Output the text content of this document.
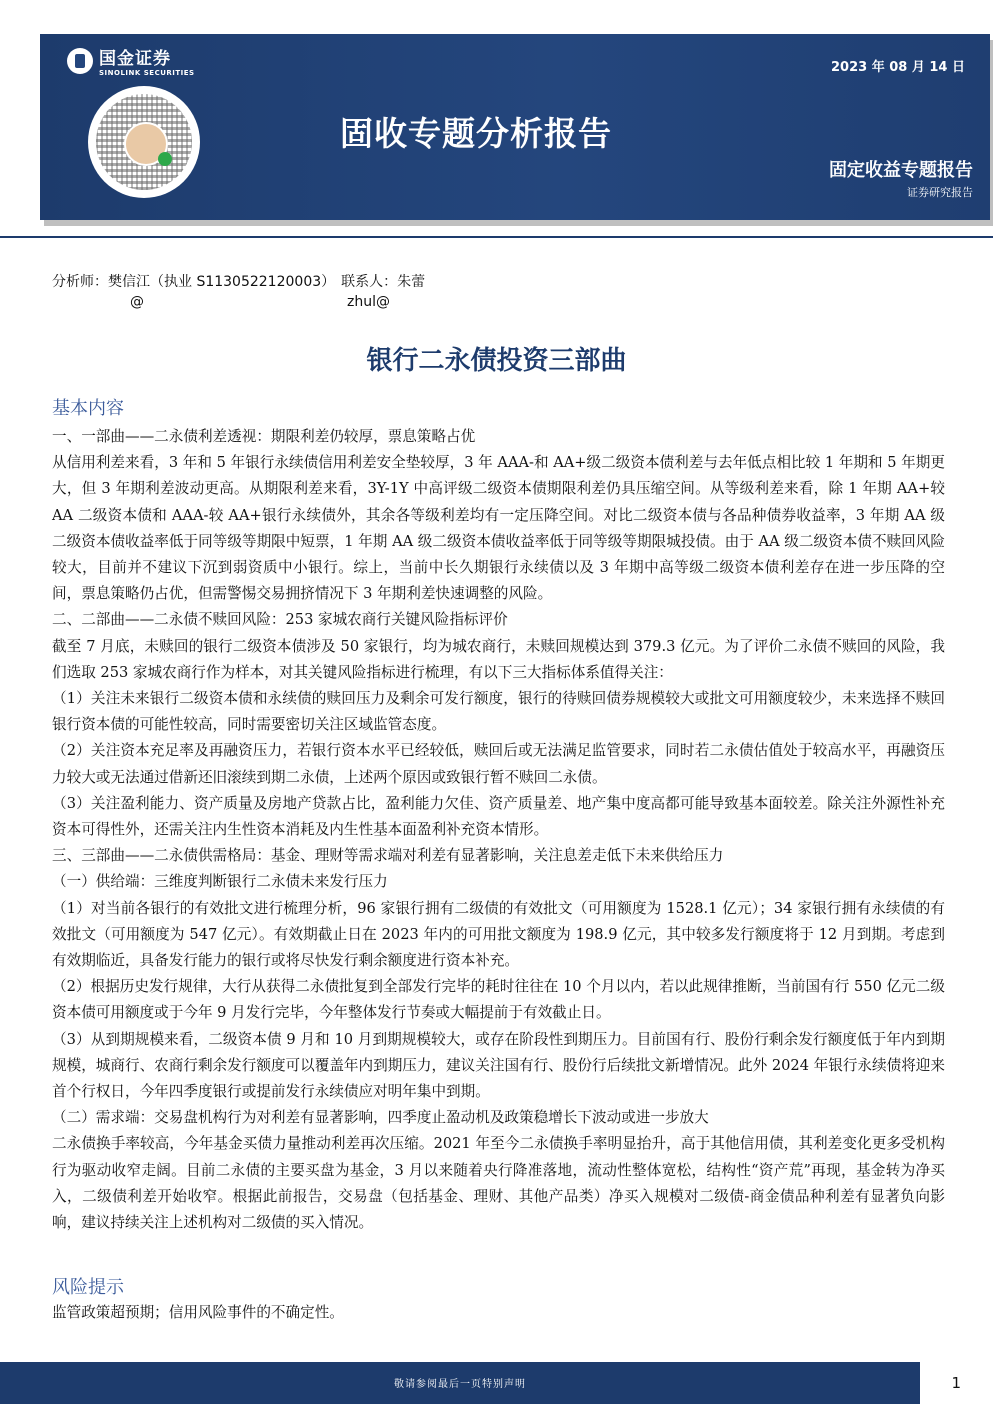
国金证券
SINOLINK SECURITIES	2023 年 08 月 14 日
固收专题分析报告
固定收益专题报告
证券研究报告
分析师：樊信江（执业 S1130522120003） 联系人：朱蕾
@	zhul@
银行二永债投资三部曲
基本内容

一、一部曲——二永债利差透视：期限利差仍较厚，票息策略占优

从信用利差来看，3 年和 5 年银行永续债信用利差安全垫较厚，3 年 AAA-和 AA+级二级资本债利差与去年低点相比较 1 年期和 5 年期更大，但 3 年期利差波动更高。从期限利差来看，3Y-1Y 中高评级二级资本债期限利差仍具压缩空间。从等级利差来看，除 1 年期 AA+较 AA 二级资本债和 AAA-较 AA+银行永续债外，其余各等级利差均有一定压降空间。对比二级资本债与各品种债券收益率，3 年期 AA 级二级资本债收益率低于同等级等期限中短票，1 年期 AA 级二级资本债收益率低于同等级等期限城投债。由于 AA 级二级资本债不赎回风险较大，目前并不建议下沉到弱资质中小银行。综上，当前中长久期银行永续债以及 3 年期中高等级二级资本债利差存在进一步压降的空间，票息策略仍占优，但需警惕交易拥挤情况下 3 年期利差快速调整的风险。

二、二部曲——二永债不赎回风险：253 家城农商行关键风险指标评价

截至 7 月底，未赎回的银行二级资本债涉及 50 家银行，均为城农商行，未赎回规模达到 379.3 亿元。为了评价二永债不赎回的风险，我们选取 253 家城农商行作为样本，对其关键风险指标进行梳理，有以下三大指标体系值得关注：

（1）关注未来银行二级资本债和永续债的赎回压力及剩余可发行额度，银行的待赎回债券规模较大或批文可用额度较少，未来选择不赎回银行资本债的可能性较高，同时需要密切关注区域监管态度。

（2）关注资本充足率及再融资压力，若银行资本水平已经较低，赎回后或无法满足监管要求，同时若二永债估值处于较高水平，再融资压力较大或无法通过借新还旧滚续到期二永债，上述两个原因或致银行暂不赎回二永债。

（3）关注盈利能力、资产质量及房地产贷款占比，盈利能力欠佳、资产质量差、地产集中度高都可能导致基本面较差。除关注外源性补充资本可得性外，还需关注内生性资本消耗及内生性基本面盈利补充资本情形。

三、三部曲——二永债供需格局：基金、理财等需求端对利差有显著影响，关注息差走低下未来供给压力

（一）供给端：三维度判断银行二永债未来发行压力

（1）对当前各银行的有效批文进行梳理分析，96 家银行拥有二级债的有效批文（可用额度为 1528.1 亿元）；34 家银行拥有永续债的有效批文（可用额度为 547 亿元）。有效期截止日在 2023 年内的可用批文额度为 198.9 亿元，其中较多发行额度将于 12 月到期。考虑到有效期临近，具备发行能力的银行或将尽快发行剩余额度进行资本补充。

（2）根据历史发行规律，大行从获得二永债批复到全部发行完毕的耗时往往在 10 个月以内，若以此规律推断，当前国有行 550 亿元二级资本债可用额度或于今年 9 月发行完毕，今年整体发行节奏或大幅提前于有效截止日。

（3）从到期规模来看，二级资本债 9 月和 10 月到期规模较大，或存在阶段性到期压力。目前国有行、股份行剩余发行额度低于年内到期规模，城商行、农商行剩余发行额度可以覆盖年内到期压力，建议关注国有行、股份行后续批文新增情况。此外 2024 年银行永续债将迎来首个行权日，今年四季度银行或提前发行永续债应对明年集中到期。

（二）需求端：交易盘机构行为对利差有显著影响，四季度止盈动机及政策稳增长下波动或进一步放大

二永债换手率较高，今年基金买债力量推动利差再次压缩。2021 年至今二永债换手率明显抬升，高于其他信用债，其利差变化更多受机构行为驱动收窄走阔。目前二永债的主要买盘为基金，3 月以来随着央行降准落地，流动性整体宽松，结构性“资产荒”再现，基金转为净买入，二级债利差开始收窄。根据此前报告，交易盘（包括基金、理财、其他产品类）净买入规模对二级债-商金债品种利差有显著负向影响，建议持续关注上述机构对二级债的买入情况。

风险提示
监管政策超预期；信用风险事件的不确定性。
敬请参阅最后一页特别声明	1
